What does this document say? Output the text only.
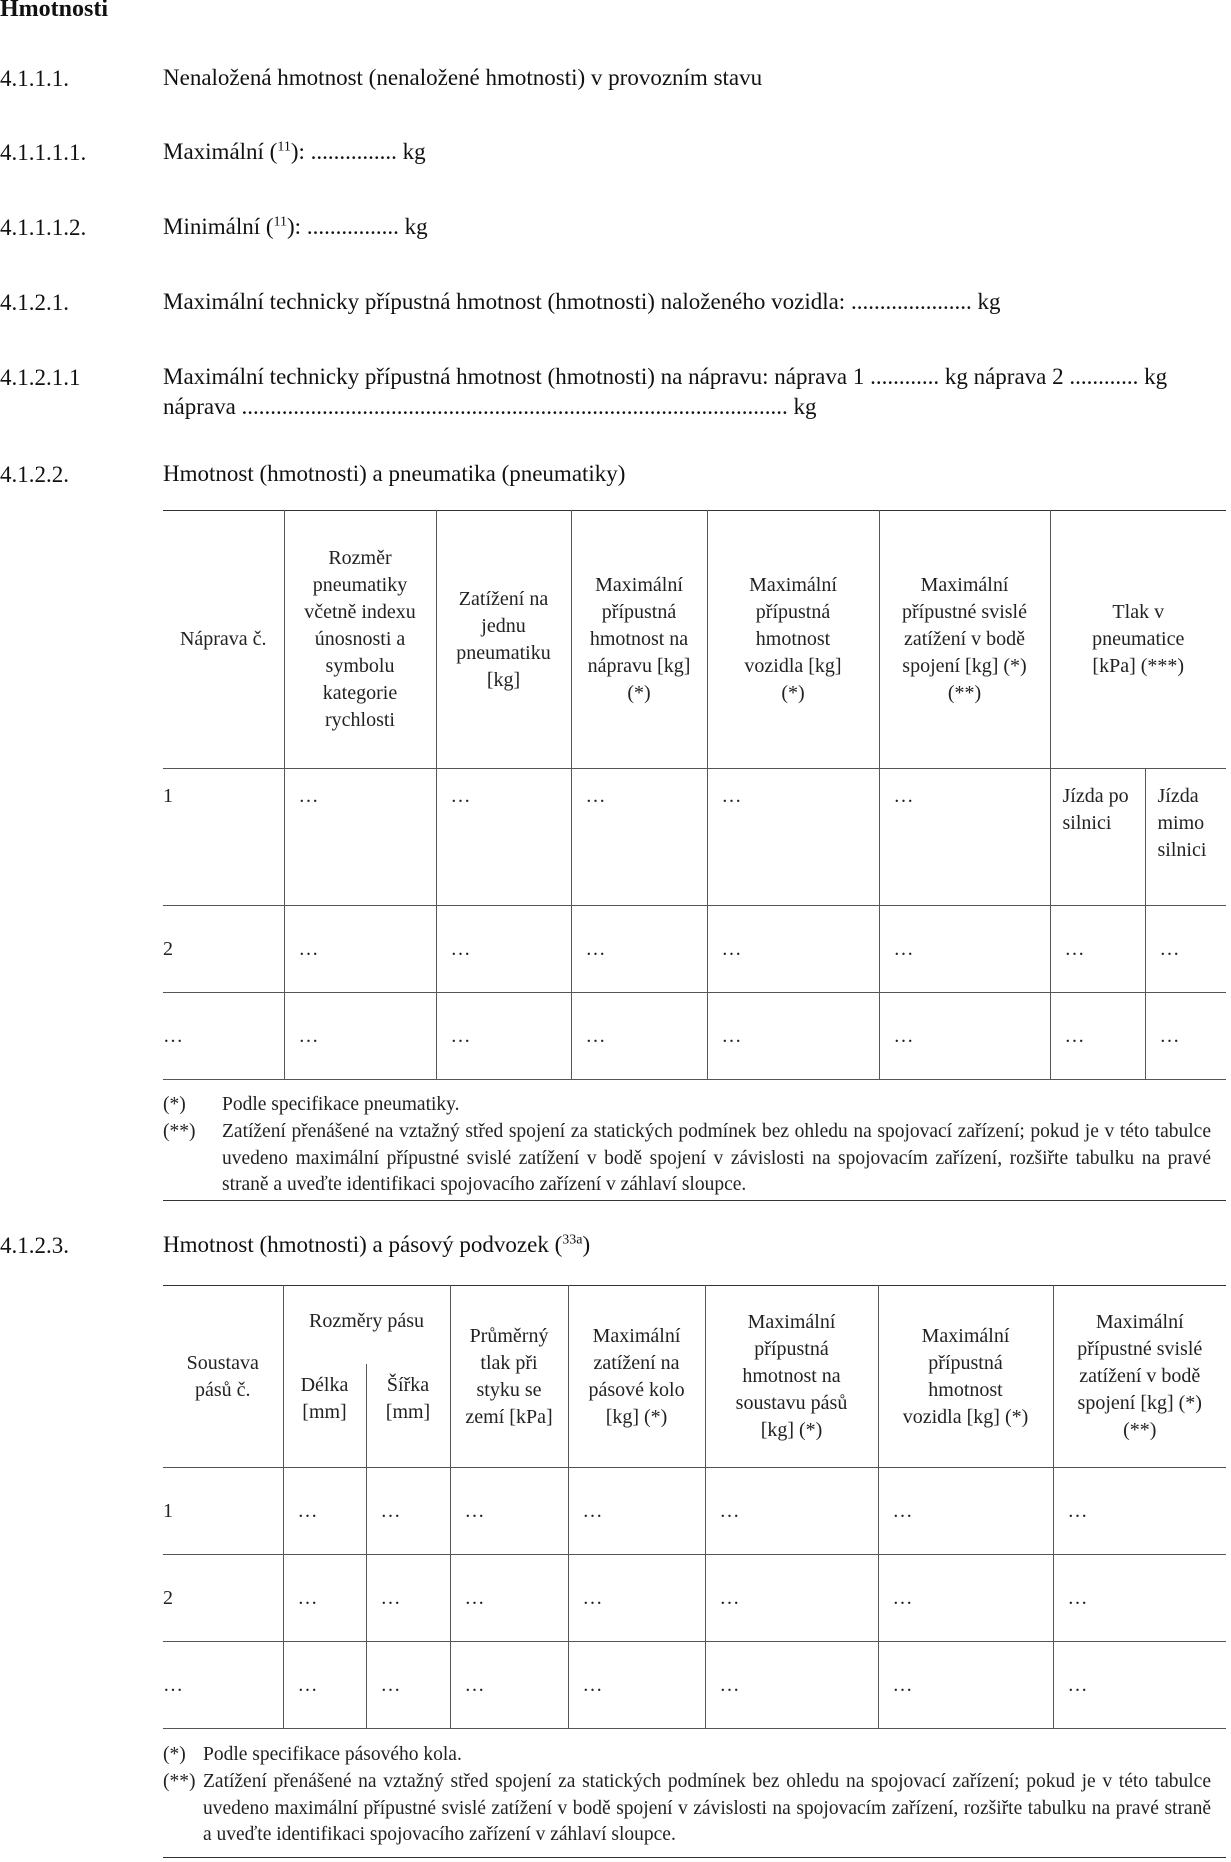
Hmotnosti
4.1.1.1.	Nenaložená hmotnost (nenaložené hmotnosti) v provozním stavu
4.1.1.1.1.	Maximální ($^{11}$): ............... kg
4.1.1.1.2.	Minimální ($^{11}$): ................ kg
4.1.2.1.	Maximální technicky přípustná hmotnost (hmotnosti) naloženého vozidla: ..................... kg
4.1.2.1.1	Maximální technicky přípustná hmotnost (hmotnosti) na nápravu: náprava 1 ............ kg náprava 2 ............ kg
náprava ............................................................................................... kg
4.1.2.2.	Hmotnost (hmotnosti) a pneumatika (pneumatiky)
Náprava č.	Rozměr pneumatiky včetně indexu únosnosti a symbolu kategorie rychlosti	Zatížení na jednu pneumatiku [kg]	Maximální přípustná hmotnost na nápravu [kg] (*)	Maximální přípustná hmotnost vozidla [kg] (*)	Maximální přípustné svislé zatížení v bodě spojení [kg] (*) (**)	Tlak v pneumatice [kPa] (***)	
1	…	…	…	…	…	Jízda po silnici	Jízda mimo silnici
2	…	…	…	…	…	…	…
…	…	…	…	…	…	…	…
(*) Podle specifikace pneumatiky.
(**) Zatížení přenášené na vztažný střed spojení za statických podmínek bez ohledu na spojovací zařízení; pokud je v této tabulce uvedeno maximální přípustné svislé zatížení v bodě spojení v závislosti na spojovacím zařízení, rozšiřte tabulku na pravé straně a uveďte identifikaci spojovacího zařízení v záhlaví sloupce.
4.1.2.3.	Hmotnost (hmotnosti) a pásový podvozek ($^{33a}$)
Soustava pásů č.	Rozměry pásu		Průměrný tlak při styku se zemí [kPa]	Maximální zatížení na pásové kolo [kg] (*)	Maximální přípustná hmotnost na soustavu pásů [kg] (*)	Maximální přípustná hmotnost vozidla [kg] (*)	Maximální přípustné svislé zatížení v bodě spojení [kg] (*) (**)
	Délka [mm]	Šířka [mm]					
1	…	…	…	…	…	…	…
2	…	…	…	…	…	…	…
…	…	…	…	…	…	…	…
(*) Podle specifikace pásového kola.
(**) Zatížení přenášené na vztažný střed spojení za statických podmínek bez ohledu na spojovací zařízení; pokud je v této tabulce uvedeno maximální přípustné svislé zatížení v bodě spojení v závislosti na spojovacím zařízení, rozšiřte tabulku na pravé straně a uveďte identifikaci spojovacího zařízení v záhlaví sloupce.
